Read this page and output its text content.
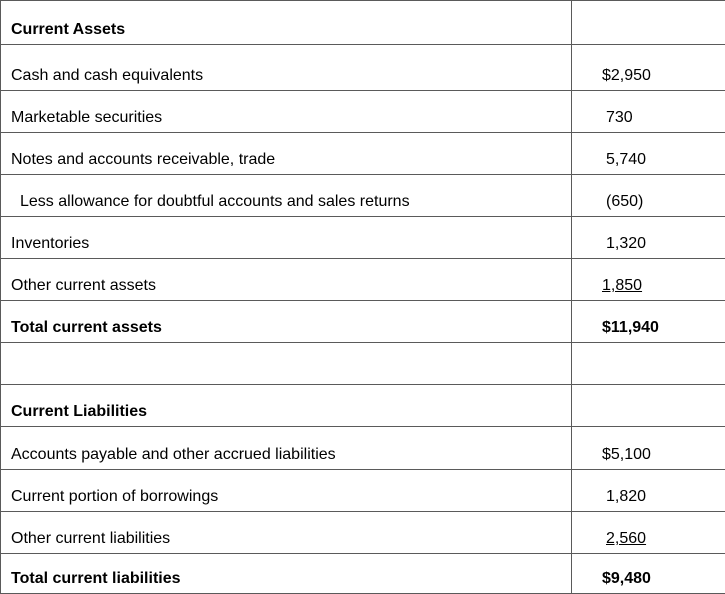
Current Assets	
Cash and cash equivalents	$2,950
Marketable securities	730
Notes and accounts receivable, trade	5,740
Less allowance for doubtful accounts and sales returns	(650)
Inventories	1,320
Other current assets	1,850
Total current assets	$11,940

Current Liabilities	
Accounts payable and other accrued liabilities	$5,100
Current portion of borrowings	1,820
Other current liabilities	2,560
Total current liabilities	$9,480
